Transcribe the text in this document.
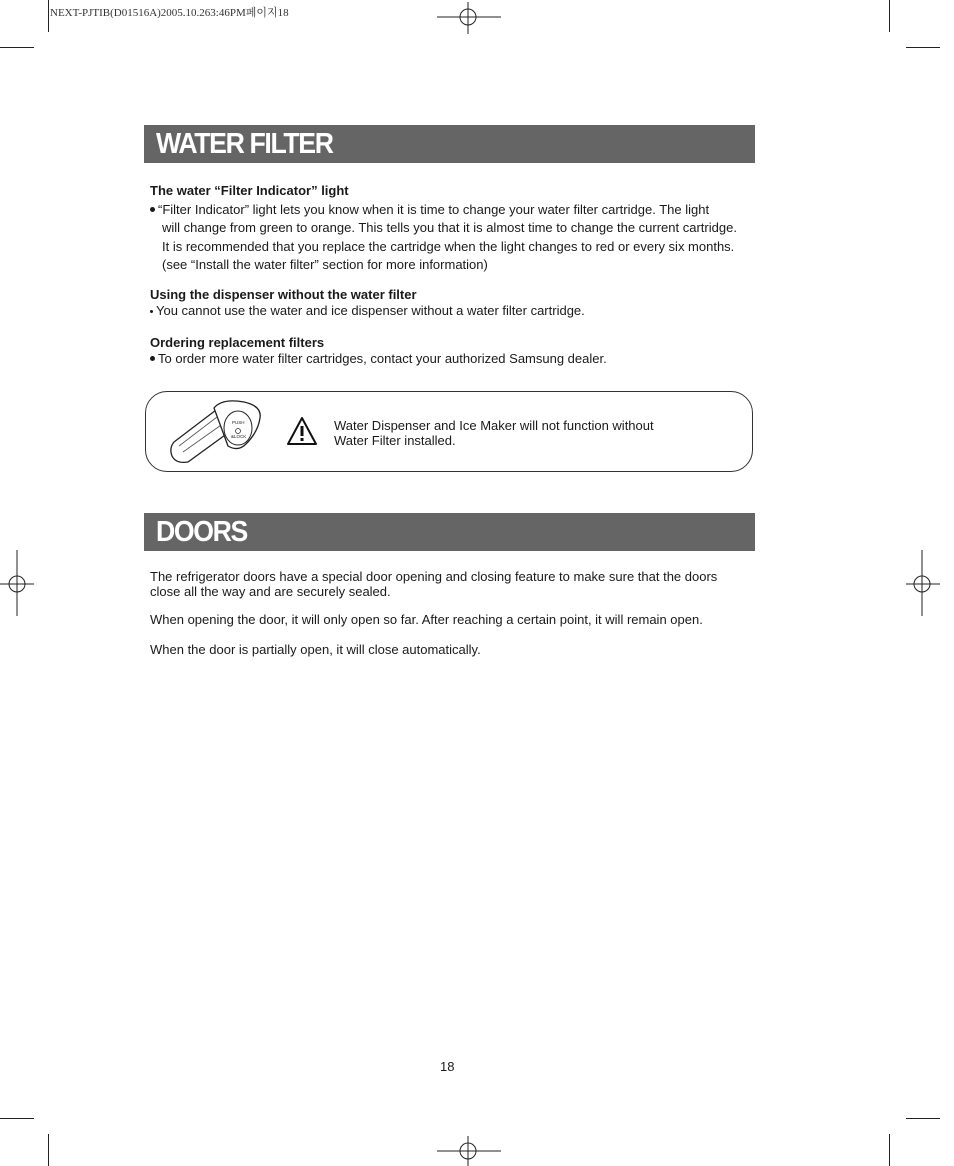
NEXT-PJTIB(D01516A)2005.10.263:46PM페이지18
WATER FILTER
The water “Filter Indicator” light
“Filter Indicator” light lets you know when it is time to change your water filter cartridge. The light
will change from green to orange. This tells you that it is almost time to change the current cartridge.
It is recommended that you replace the cartridge when the light changes to red or every six months.
(see “Install the water filter” section for more information)
Using the dispenser without the water filter
You cannot use the water and ice dispenser without a water filter cartridge.
Ordering replacement filters
To order more water filter cartridges, contact your authorized Samsung dealer.
PUSH
&LOCK
Water Dispenser and Ice Maker will not function without
Water Filter installed.
DOORS
The refrigerator doors have a special door opening and closing feature to make sure that the doors
close all the way and are securely sealed.
When opening the door, it will only open so far. After reaching a certain point, it will remain open.
When the door is partially open, it will close automatically.
18
